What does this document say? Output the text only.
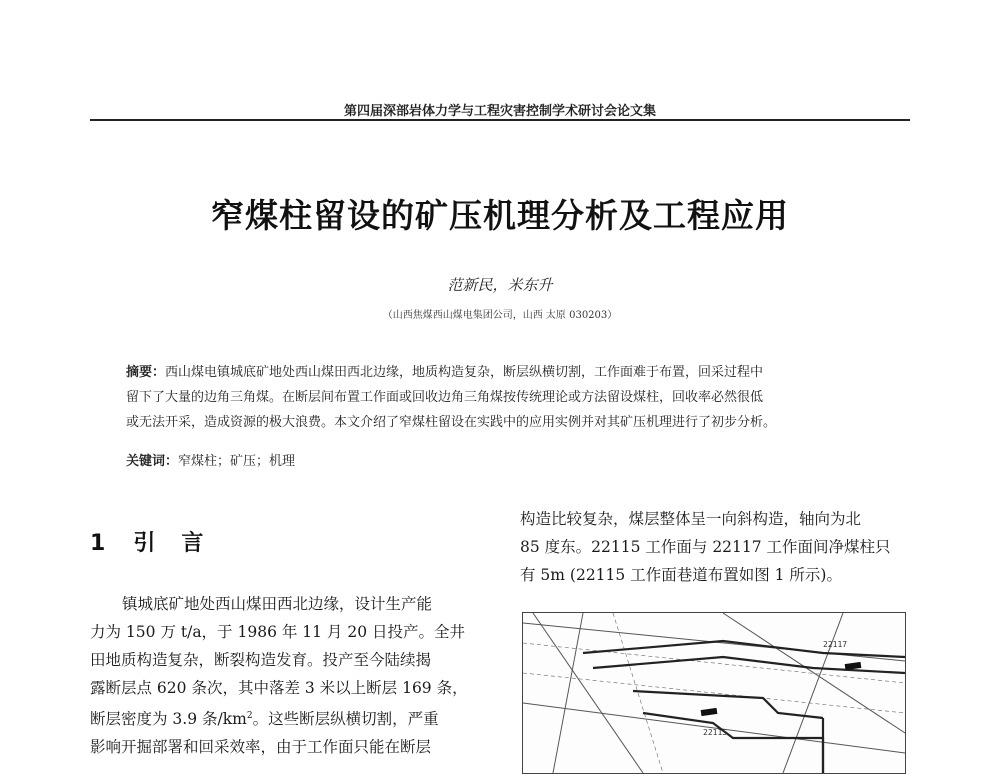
第四届深部岩体力学与工程灾害控制学术研讨会论文集
窄煤柱留设的矿压机理分析及工程应用
范新民，米东升
（山西焦煤西山煤电集团公司，山西 太原 030203）
摘要：西山煤电镇城底矿地处西山煤田西北边缘，地质构造复杂，断层纵横切割，工作面难于布置，回采过程中
留下了大量的边角三角煤。在断层间布置工作面或回收边角三角煤按传统理论或方法留设煤柱，回收率必然很低
或无法开采，造成资源的极大浪费。本文介绍了窄煤柱留设在实践中的应用实例并对其矿压机理进行了初步分析。
关键词：窄煤柱；矿压；机理
1 引 言
镇城底矿地处西山煤田西北边缘，设计生产能
力为 150 万 t/a，于 1986 年 11 月 20 日投产。全井
田地质构造复杂，断裂构造发育。投产至今陆续揭
露断层点 620 条次，其中落差 3 米以上断层 169 条，
断层密度为 3.9 条$/km^2$。这些断层纵横切割，严重
影响开掘部署和回采效率，由于工作面只能在断层
构造比较复杂，煤层整体呈一向斜构造，轴向为北
85 度东。22115 工作面与 22117 工作面间净煤柱只
有 5m (22115 工作面巷道布置如图 1 所示)。
22117
22115
